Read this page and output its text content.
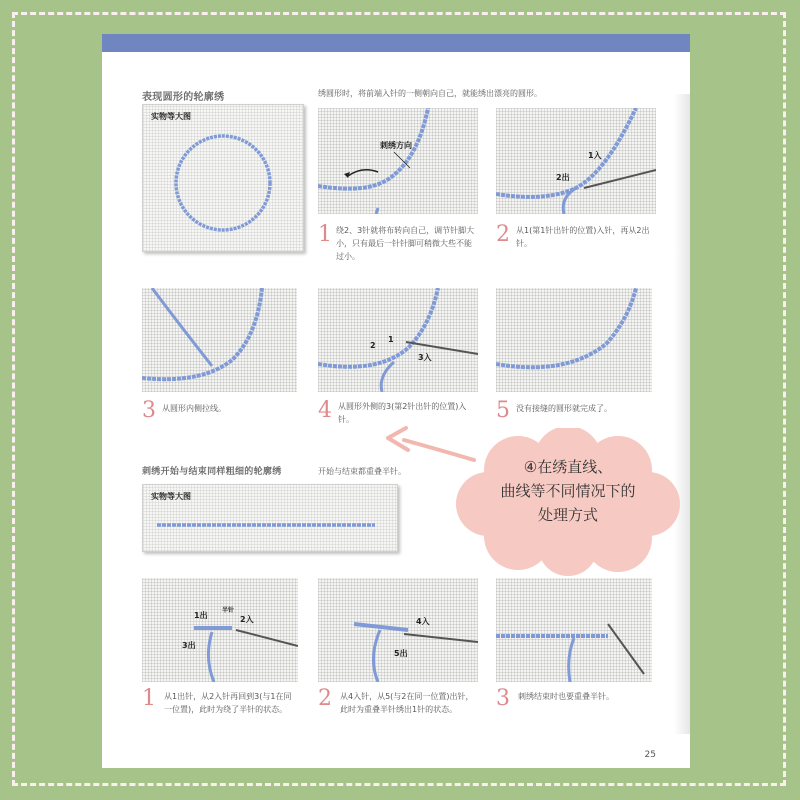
表现圆形的轮廓绣	绣圆形时，将前端入针的一侧朝向自己，就能绣出漂亮的圆形。
实物等大图
刺绣方向
1入
2出
1 绕2、3针就将布转向自己，调节针脚大小，只有最后一针针脚可稍微大些不能过小。
2 从1(第1针出针的位置)入针，再从2出针。
2
1
3入
3 从圆形内侧拉线。	4 从圆形外侧的3(第2针出针的位置)入针。	5 没有接缝的圆形就完成了。
刺绣开始与结束同样粗细的轮廓绣	开始与结束都重叠半针。
实物等大图
1出
半针
2入
3出
4入
5出
1 从1出针，从2入针再回到3(与1在同一位置)，此时为绕了半针的状态。	2 从4入针，从5(与2在同一位置)出针，此时为重叠半针绣出1针的状态。	3 刺绣结束时也要重叠半针。
25
④在绣直线、
曲线等不同情况下的
处理方式
